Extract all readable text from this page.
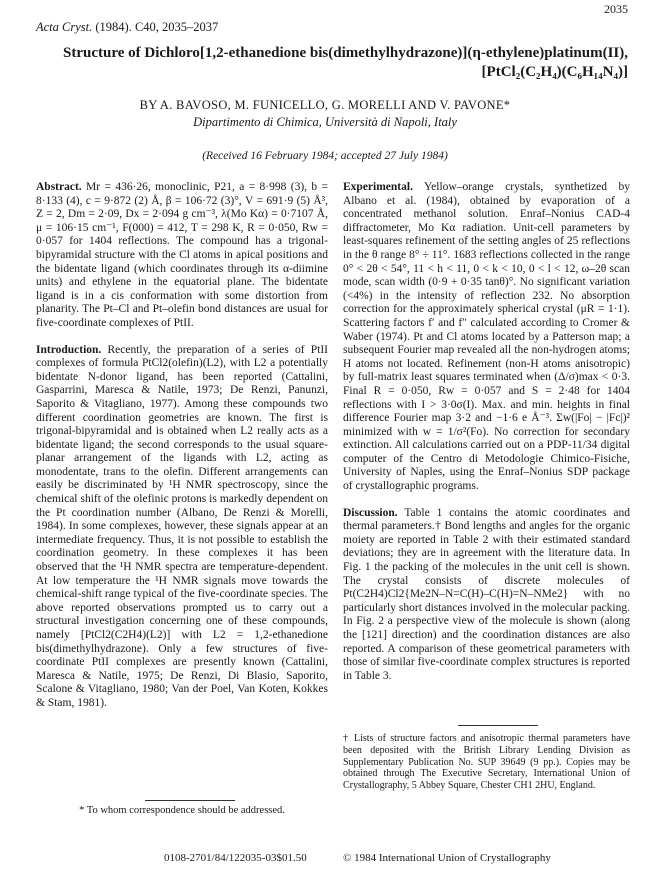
2035
Acta Cryst. (1984). C40, 2035–2037
Structure of Dichloro[1,2-ethanedione bis(dimethylhydrazone)](η-ethylene)platinum(II),
[PtCl₂(C₂H₄)(C₆H₁₄N₄)]
BY A. BAVOSO, M. FUNICELLO, G. MORELLI AND V. PAVONE*
Dipartimento di Chimica, Università di Napoli, Italy
(Received 16 February 1984; accepted 27 July 1984)

Abstract. Mr = 436·26, monoclinic, P21, a = 8·998 (3), b = 8·133 (4), c = 9·872 (2) Å, β = 106·72 (3)°, V = 691·9 (5) Å³, Z = 2, Dm = 2·09, Dx = 2·094 g cm⁻³, λ(Mo Kα) = 0·7107 Å, μ = 106·15 cm⁻¹, F(000) = 412, T = 298 K, R = 0·050, Rw = 0·057 for 1404 reflections. The compound has a trigonal-bipyramidal structure with the Cl atoms in apical positions and the bidentate ligand (which coordinates through its α-diimine units) and ethylene in the equatorial plane. The bidentate ligand is in a cis conformation with some distortion from planarity. The Pt–Cl and Pt–olefin bond distances are usual for five-coordinate complexes of PtII.

Introduction. Recently, the preparation of a series of PtII complexes of formula PtCl2(olefin)(L2), with L2 a potentially bidentate N-donor ligand, has been reported (Cattalini, Gasparrini, Maresca & Natile, 1973; De Renzi, Panunzi, Saporito & Vitagliano, 1977). Among these compounds two different coordination geometries are known. The first is trigonal-bipyramidal and is obtained when L2 really acts as a bidentate ligand; the second corresponds to the usual square-planar arrangement of the ligands with L2, acting as monodentate, trans to the olefin. Different arrangements can easily be discriminated by ¹H NMR spectroscopy, since the chemical shift of the olefinic protons is markedly dependent on the Pt coordination number (Albano, De Renzi & Morelli, 1984). In some complexes, however, these signals appear at an intermediate frequency. Thus, it is not possible to establish the coordination geometry. In these complexes it has been observed that the ¹H NMR spectra are temperature-dependent. At low temperature the ¹H NMR signals move towards the chemical-shift range typical of the five-coordinate species. The above reported observations prompted us to carry out a structural investigation concerning one of these compounds, namely [PtCl2(C2H4)(L2)] with L2 = 1,2-ethanedione bis(dimethylhydrazone). Only a few structures of five-coordinate PtII complexes are presently known (Cattalini, Maresca & Natile, 1975; De Renzi, Di Blasio, Saporito, Scalone & Vitagliano, 1980; Van der Poel, Van Koten, Kokkes & Stam, 1981).

Experimental. Yellow–orange crystals, synthetized by Albano et al. (1984), obtained by evaporation of a concentrated methanol solution. Enraf–Nonius CAD-4 diffractometer, Mo Kα radiation. Unit-cell parameters by least-squares refinement of the setting angles of 25 reflections in the θ range 8° ÷ 11°. 1683 reflections collected in the range 0° < 2θ < 54°, 11 < h < 11, 0 < k < 10, 0 < l < 12, ω–2θ scan mode, scan width (0·9 + 0·35 tanθ)°. No significant variation (<4%) in the intensity of reflection 232. No absorption correction for the approximately spherical crystal (μR = 1·1). Scattering factors f′ and f″ calculated according to Cromer & Waber (1974). Pt and Cl atoms located by a Patterson map; a subsequent Fourier map revealed all the non-hydrogen atoms; H atoms not located. Refinement (non-H atoms anisotropic) by full-matrix least squares terminated when (Δ/σ)max < 0·3. Final R = 0·050, Rw = 0·057 and S = 2·48 for 1404 reflections with I > 3·0σ(I). Max. and min. heights in final difference Fourier map 3·2 and −1·6 e Å⁻³. Σw(|Fo| − |Fc|)² minimized with w = 1/σ²(Fo). No correction for secondary extinction. All calculations carried out on a PDP-11/34 digital computer of the Centro di Metodologie Chimico-Fisiche, University of Naples, using the Enraf–Nonius SDP package of crystallographic programs.

Discussion. Table 1 contains the atomic coordinates and thermal parameters.† Bond lengths and angles for the organic moiety are reported in Table 2 with their estimated standard deviations; they are in agreement with the literature data. In Fig. 1 the packing of the molecules in the unit cell is shown. The crystal consists of discrete molecules of Pt(C2H4)Cl2{Me2N–N=C(H)–C(H)=N–NMe2} with no particularly short distances involved in the molecular packing. In Fig. 2 a perspective view of the molecule is shown (along the [121] direction) and the coordination distances are also reported. A comparison of these geometrical parameters with those of similar five-coordinate complex structures is reported in Table 3.

† Lists of structure factors and anisotropic thermal parameters have been deposited with the British Library Lending Division as Supplementary Publication No. SUP 39649 (9 pp.). Copies may be obtained through The Executive Secretary, International Union of Crystallography, 5 Abbey Square, Chester CH1 2HU, England.
* To whom correspondence should be addressed.
0108-2701/84/122035-03$01.50	© 1984 International Union of Crystallography
